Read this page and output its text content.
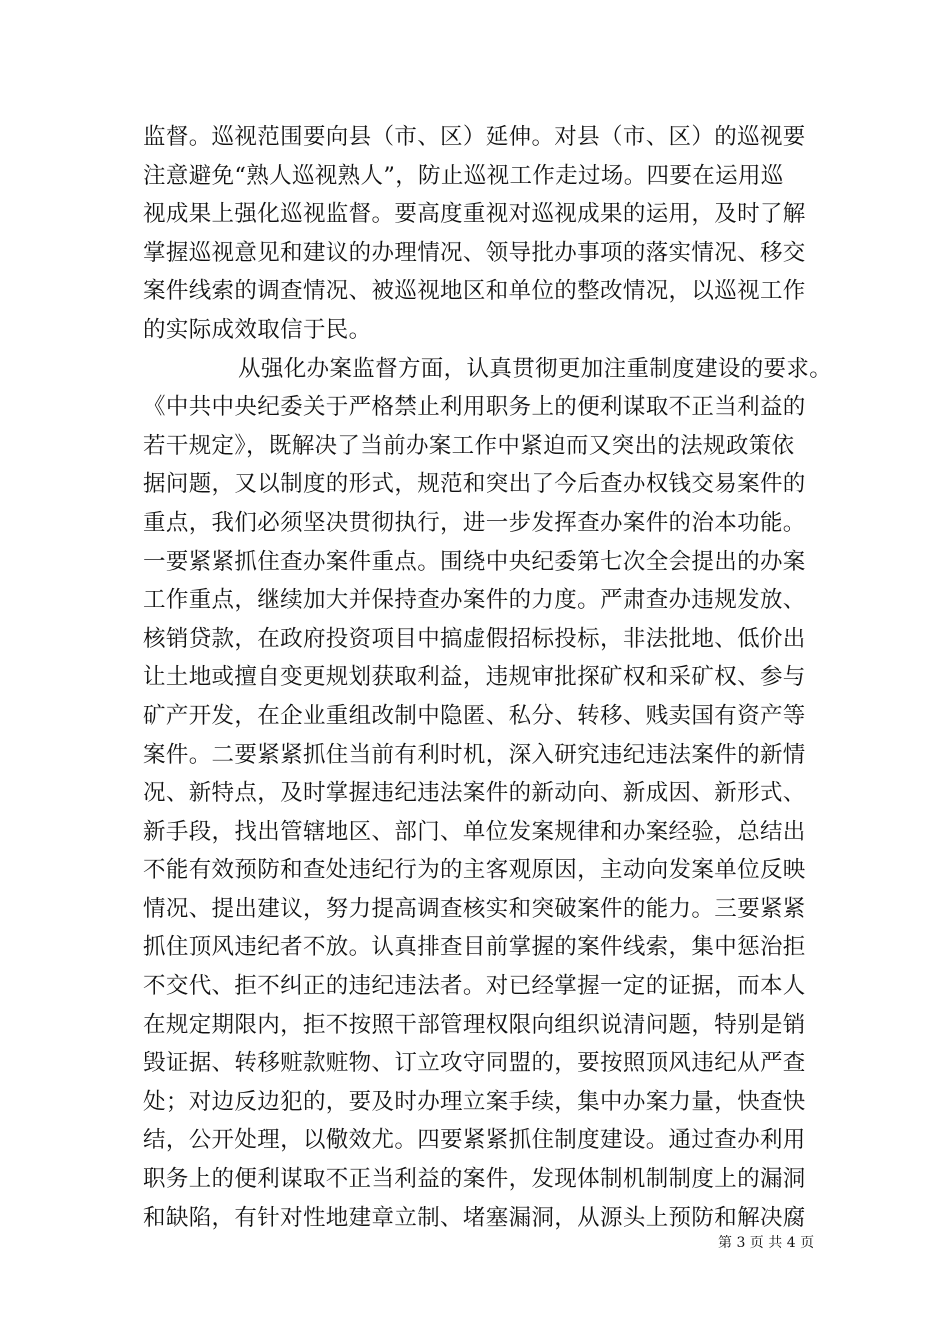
监督。巡视范围要向县（市、区）延伸。对县（市、区）的巡视要
注意避免“熟人巡视熟人”，防止巡视工作走过场。四要在运用巡
视成果上强化巡视监督。要高度重视对巡视成果的运用，及时了解
掌握巡视意见和建议的办理情况、领导批办事项的落实情况、移交
案件线索的调查情况、被巡视地区和单位的整改情况，以巡视工作
的实际成效取信于民。
从强化办案监督方面，认真贯彻更加注重制度建设的要求。
《中共中央纪委关于严格禁止利用职务上的便利谋取不正当利益的
若干规定》，既解决了当前办案工作中紧迫而又突出的法规政策依
据问题，又以制度的形式，规范和突出了今后查办权钱交易案件的
重点，我们必须坚决贯彻执行，进一步发挥查办案件的治本功能。
一要紧紧抓住查办案件重点。围绕中央纪委第七次全会提出的办案
工作重点，继续加大并保持查办案件的力度。严肃查办违规发放、
核销贷款，在政府投资项目中搞虚假招标投标，非法批地、低价出
让土地或擅自变更规划获取利益，违规审批探矿权和采矿权、参与
矿产开发，在企业重组改制中隐匿、私分、转移、贱卖国有资产等
案件。二要紧紧抓住当前有利时机，深入研究违纪违法案件的新情
况、新特点，及时掌握违纪违法案件的新动向、新成因、新形式、
新手段，找出管辖地区、部门、单位发案规律和办案经验，总结出
不能有效预防和查处违纪行为的主客观原因，主动向发案单位反映
情况、提出建议，努力提高调查核实和突破案件的能力。三要紧紧
抓住顶风违纪者不放。认真排查目前掌握的案件线索，集中惩治拒
不交代、拒不纠正的违纪违法者。对已经掌握一定的证据，而本人
在规定期限内，拒不按照干部管理权限向组织说清问题，特别是销
毁证据、转移赃款赃物、订立攻守同盟的，要按照顶风违纪从严查
处；对边反边犯的，要及时办理立案手续，集中办案力量，快查快
结，公开处理，以儆效尤。四要紧紧抓住制度建设。通过查办利用
职务上的便利谋取不正当利益的案件，发现体制机制制度上的漏洞
和缺陷，有针对性地建章立制、堵塞漏洞，从源头上预防和解决腐
第 3 页 共 4 页
